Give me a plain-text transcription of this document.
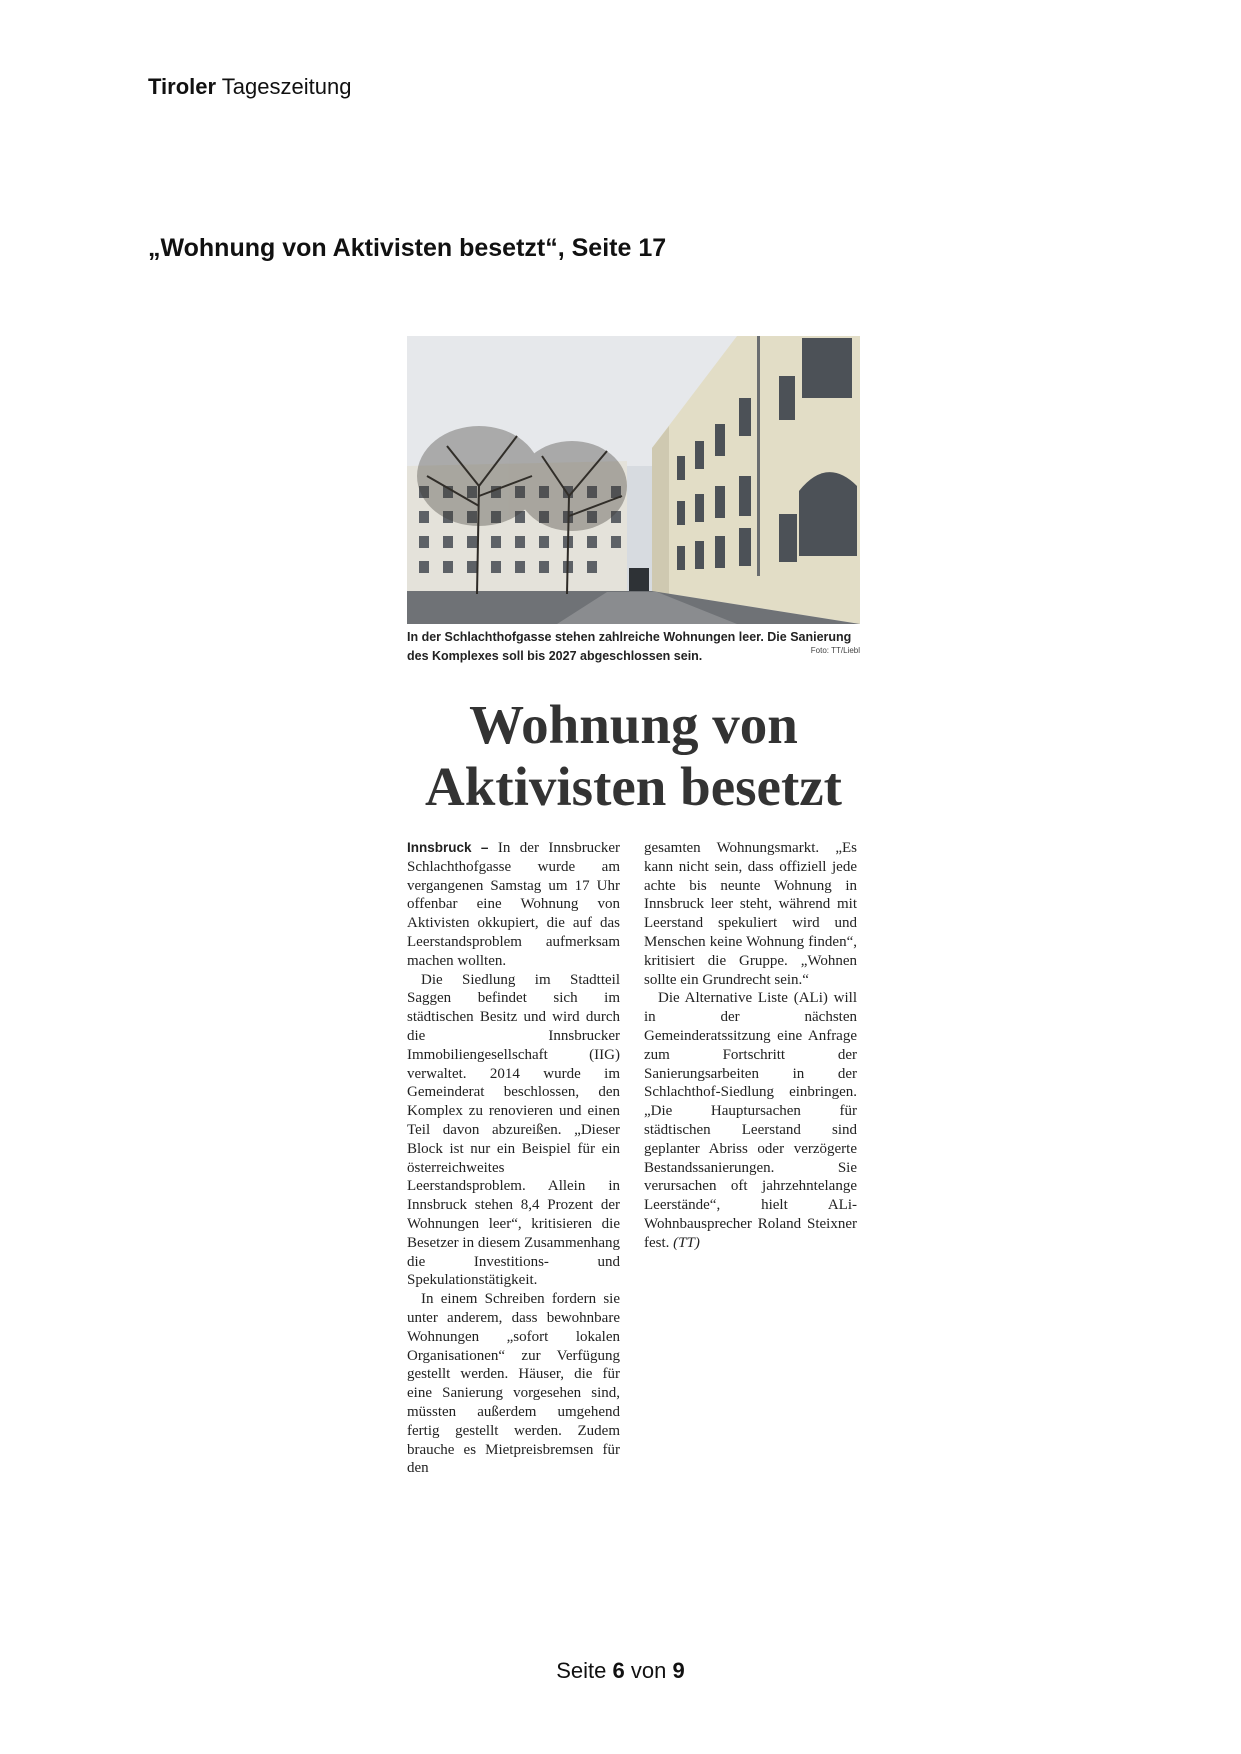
Tiroler Tageszeitung
„Wohnung von Aktivisten besetzt“, Seite 17
In der Schlachthofgasse stehen zahlreiche Wohnungen leer. Die Sanierung des Komplexes soll bis 2027 abgeschlossen sein.	Foto: TT/Liebl
Wohnung von
Aktivisten besetzt

Innsbruck – In der Innsbrucker Schlachthofgasse wurde am vergangenen Samstag um 17 Uhr offenbar eine Wohnung von Aktivisten okkupiert, die auf das Leerstandsproblem aufmerksam machen wollten.

Die Siedlung im Stadtteil Saggen befindet sich im städtischen Besitz und wird durch die Innsbrucker Immobiliengesellschaft (IIG) verwaltet. 2014 wurde im Gemeinderat beschlossen, den Komplex zu renovieren und einen Teil davon abzureißen. „Dieser Block ist nur ein Beispiel für ein österreichweites Leerstandsproblem. Allein in Innsbruck stehen 8,4 Prozent der Wohnungen leer“, kritisieren die Besetzer in diesem Zusammenhang die Investitions- und Spekulationstätigkeit.

In einem Schreiben fordern sie unter anderem, dass bewohnbare Wohnungen „sofort lokalen Organisationen“ zur Verfügung gestellt werden. Häuser, die für eine Sanierung vorgesehen sind, müssten außerdem umgehend fertig gestellt werden. Zudem brauche es Mietpreisbremsen für den

gesamten Wohnungsmarkt. „Es kann nicht sein, dass offiziell jede achte bis neunte Wohnung in Innsbruck leer steht, während mit Leerstand spekuliert wird und Menschen keine Wohnung finden“, kritisiert die Gruppe. „Wohnen sollte ein Grundrecht sein.“

Die Alternative Liste (ALi) will in der nächsten Gemeinderatssitzung eine Anfrage zum Fortschritt der Sanierungsarbeiten in der Schlachthof-Siedlung einbringen. „Die Hauptursachen für städtischen Leerstand sind geplanter Abriss oder verzögerte Bestandssanierungen. Sie verursachen oft jahrzehntelange Leerstände“, hielt ALi-Wohnbausprecher Roland Steixner fest. (TT)

Seite 6 von 9
